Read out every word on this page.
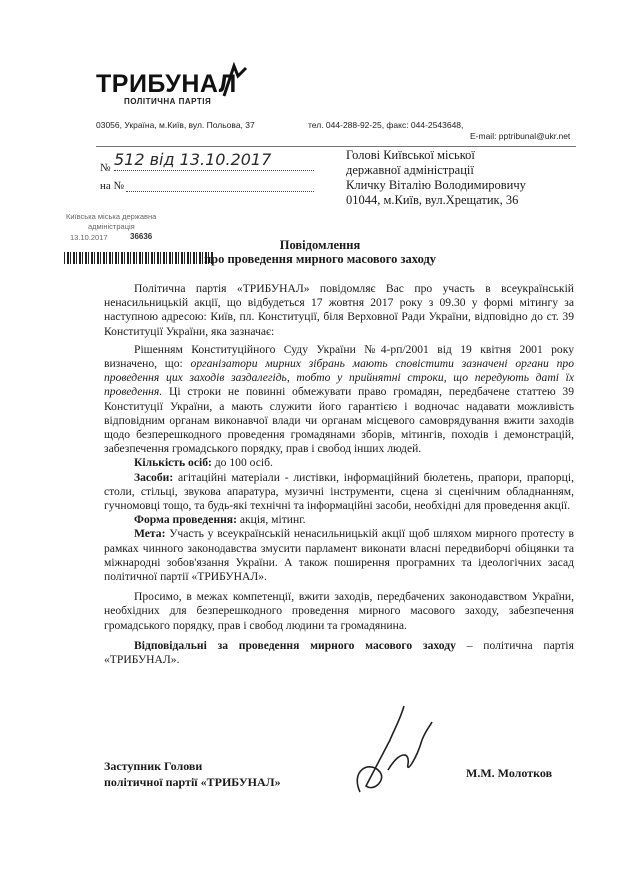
ТРИБУНАЛ
ПОЛІТИЧНА ПАРТІЯ
03056, Україна, м.Київ, вул. Польова, 37	тел. 044-288-92-25, факс: 044-2543648,
E-mail: pptribunal@ukr.net
№ 512 від 13.10.2017
на №
Голові Київської міської
державної адміністрації
Кличку Віталію Володимировичу
01044, м.Київ, вул.Хрещатик, 36
Київська міська державна
адміністрація
13.10.2017	36636
Повідомлення
про проведення мирного масового заходу

Політична партія «ТРИБУНАЛ» повідомляє Вас про участь в всеукраїнській ненасильницькій акції, що відбудеться 17 жовтня 2017 року з 09.30 у формі мітингу за наступною адресою: Київ, пл. Конституції, біля Верховної Ради України, відповідно до ст. 39 Конституції України, яка зазначає:

Рішенням Конституційного Суду України №4-рп/2001 від 19 квітня 2001 року визначено, що: організатори мирних зібрань мають сповістити зазначені органи про проведення цих заходів заздалегідь, тобто у прийнятні строки, що передують даті їх проведення. Ці строки не повинні обмежувати право громадян, передбачене статтею 39 Конституції України, а мають служити його гарантією і водночас надавати можливість відповідним органам виконавчої влади чи органам місцевого самоврядування вжити заходів щодо безперешкодного проведення громадянами зборів, мітингів, походів і демонстрацій, забезпечення громадського порядку, прав і свобод інших людей.

Кількість осіб: до 100 осіб.

Засоби: агітаційні матеріали - листівки, інформаційний бюлетень, прапори, прапорці, столи, стільці, звукова апаратура, музичні інструменти, сцена зі сценічним обладнанням, гучномовці тощо, та будь-які технічні та інформаційні засоби, необхідні для проведення акції.

Форма проведення: акція, мітинг.

Мета: Участь у всеукраїнській ненасильницькій акції щоб шляхом мирного протесту в рамках чинного законодавства змусити парламент виконати власні передвиборчі обіцянки та міжнародні зобов'язання України. А також поширення програмних та ідеологічних засад політичної партії «ТРИБУНАЛ».

Просимо, в межах компетенції, вжити заходів, передбачених законодавством України, необхідних для безперешкодного проведення мирного масового заходу, забезпечення громадського порядку, прав і свобод людини та громадянина.

Відповідальні за проведення мирного масового заходу – політична партія «ТРИБУНАЛ».

Заступник Голови
політичної партії «ТРИБУНАЛ»
М.М. Молотков
